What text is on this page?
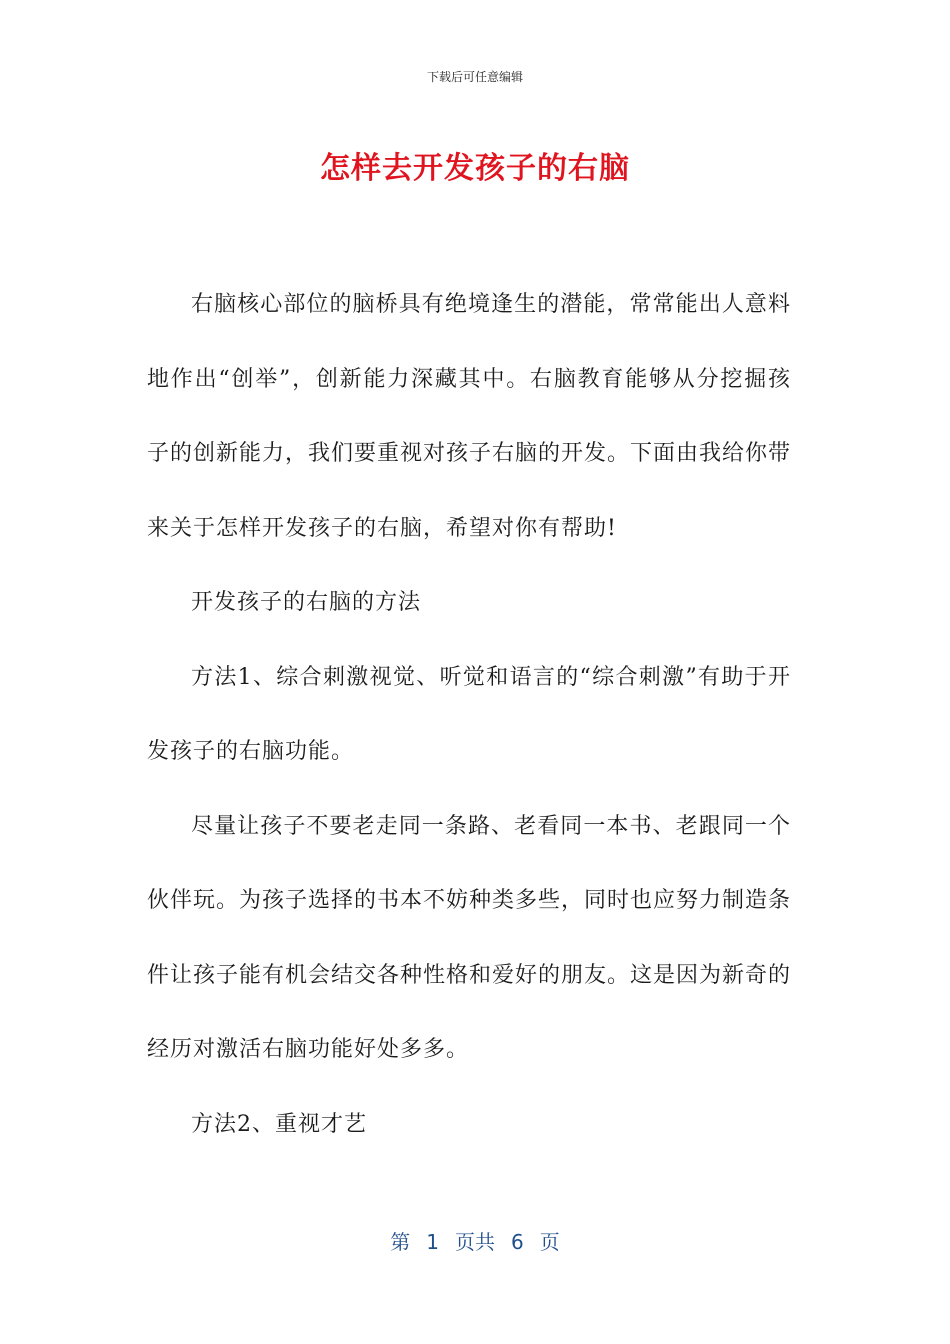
下载后可任意编辑
怎样去开发孩子的右脑

右脑核心部位的脑桥具有绝境逢生的潜能，常常能出人意料地作出“创举”，创新能力深藏其中。右脑教育能够从分挖掘孩子的创新能力，我们要重视对孩子右脑的开发。下面由我给你带来关于怎样开发孩子的右脑，希望对你有帮助!

开发孩子的右脑的方法

方法1、综合刺激视觉、听觉和语言的“综合刺激”有助于开发孩子的右脑功能。

尽量让孩子不要老走同一条路、老看同一本书、老跟同一个伙伴玩。为孩子选择的书本不妨种类多些，同时也应努力制造条件让孩子能有机会结交各种性格和爱好的朋友。这是因为新奇的经历对激活右脑功能好处多多。

方法2、重视才艺

第 1 页共 6 页
